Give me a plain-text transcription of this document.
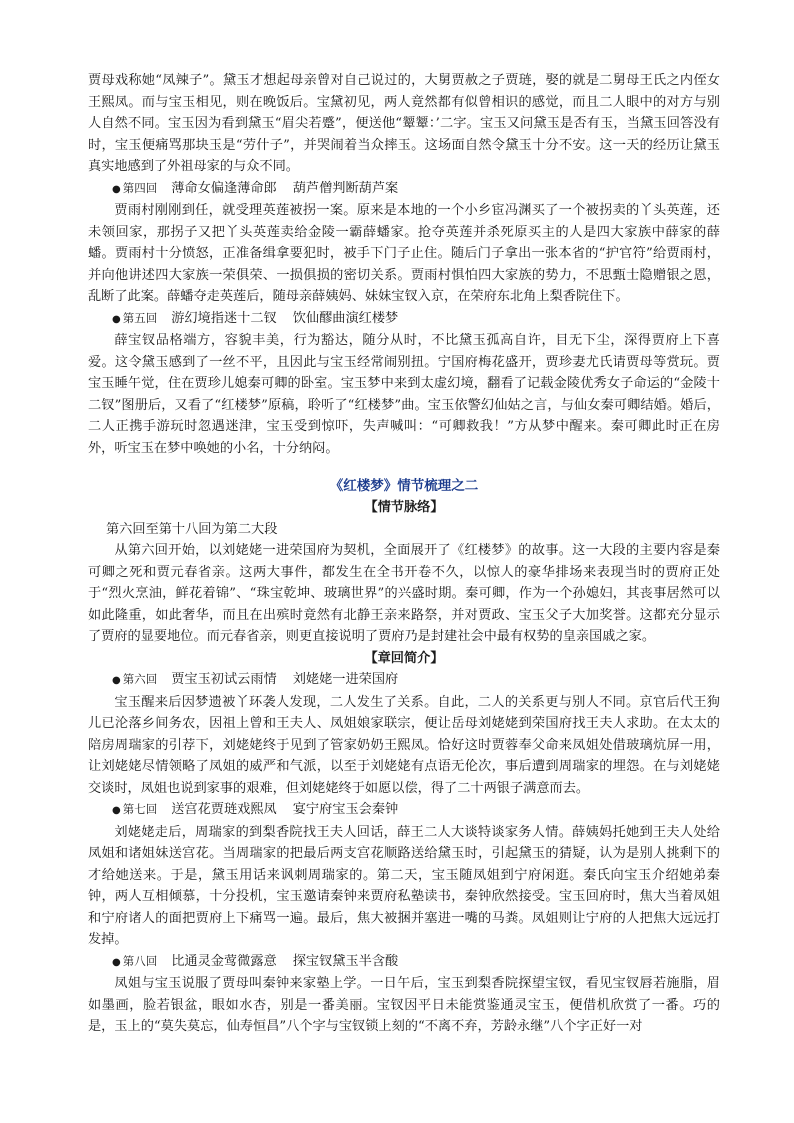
贾母戏称她“凤辣子”。黛玉才想起母亲曾对自己说过的，大舅贾赦之子贾琏，娶的就是二舅母王氏之内侄女王熙凤。而与宝玉相见，则在晚饭后。宝黛初见，两人竟然都有似曾相识的感觉，而且二人眼中的对方与别人自然不同。宝玉因为看到黛玉“眉尖若蹙”，便送他“颦颦：’二字。宝玉又问黛玉是否有玉，当黛玉回答没有时，宝玉便痛骂那块玉是“劳什子”，并哭闹着当众摔玉。这场面自然令黛玉十分不安。这一天的经历让黛玉真实地感到了外祖母家的与众不同。

● 第四回 薄命女偏逢薄命郎 葫芦僧判断葫芦案

贾雨村刚刚到任，就受理英莲被拐一案。原来是本地的一个小乡宦冯渊买了一个被拐卖的丫头英莲，还未领回家，那拐子又把丫头英莲卖给金陵一霸薛蟠家。抢夺英莲并杀死原买主的人是四大家族中薛家的薛蟠。贾雨村十分愤怒，正准备缉拿要犯时，被手下门子止住。随后门子拿出一张本省的“护官符”给贾雨村，并向他讲述四大家族一荣俱荣、一损俱损的密切关系。贾雨村惧怕四大家族的势力，不思甄士隐赠银之恩，乱断了此案。薛蟠夺走英莲后，随母亲薛姨妈、妹妹宝钗入京，在荣府东北角上梨香院住下。

● 第五回 游幻境指迷十二钗 饮仙醪曲演红楼梦

薛宝钗品格端方，容貌丰美，行为豁达，随分从时，不比黛玉孤高自许，目无下尘，深得贾府上下喜爱。这令黛玉感到了一丝不平，且因此与宝玉经常闹别扭。宁国府梅花盛开，贾珍妻尤氏请贾母等赏玩。贾宝玉睡午觉，住在贾珍儿媳秦可卿的卧室。宝玉梦中来到太虚幻境，翻看了记载金陵优秀女子命运的“金陵十二钗”图册后，又看了“红楼梦”原稿，聆听了“红楼梦”曲。宝玉依警幻仙姑之言，与仙女秦可卿结婚。婚后，二人正携手游玩时忽遇迷津，宝玉受到惊吓，失声喊叫：“可卿救我！”方从梦中醒来。秦可卿此时正在房外，听宝玉在梦中唤她的小名，十分纳闷。

《红楼梦》情节梳理之二
【情节脉络】
第六回至第十八回为第二大段

从第六回开始，以刘姥姥一进荣国府为契机，全面展开了《红楼梦》的故事。这一大段的主要内容是秦可卿之死和贾元春省亲。这两大事件，都发生在全书开卷不久，以惊人的豪华排场来表现当时的贾府正处于“烈火烹油，鲜花着锦”、“珠宝乾坤、玻璃世界”的兴盛时期。秦可卿，作为一个孙媳妇，其丧事居然可以如此隆重，如此奢华，而且在出殡时竟然有北静王亲来路祭，并对贾政、宝玉父子大加奖誉。这都充分显示了贾府的显要地位。而元春省亲，则更直接说明了贾府乃是封建社会中最有权势的皇亲国戚之家。

【章回简介】
● 第六回 贾宝玉初试云雨情 刘姥姥一进荣国府

宝玉醒来后因梦遗被丫环袭人发现，二人发生了关系。自此，二人的关系更与别人不同。京官后代王狗儿已沦落乡间务农，因祖上曾和王夫人、凤姐娘家联宗，便让岳母刘姥姥到荣国府找王夫人求助。在太太的陪房周瑞家的引荐下，刘姥姥终于见到了管家奶奶王熙凤。恰好这时贾蓉奉父命来凤姐处借玻璃炕屏一用，让刘姥姥尽情领略了凤姐的威严和气派，以至于刘姥姥有点语无伦次，事后遭到周瑞家的埋怨。在与刘姥姥交谈时，凤姐也说到家事的艰难，但刘姥姥终于如愿以偿，得了二十两银子满意而去。

● 第七回 送宫花贾琏戏熙凤 宴宁府宝玉会秦钟

刘姥姥走后，周瑞家的到梨香院找王夫人回话，薛王二人大谈特谈家务人情。薛姨妈托她到王夫人处给凤姐和诸姐妹送宫花。当周瑞家的把最后两支宫花顺路送给黛玉时，引起黛玉的猜疑，认为是别人挑剩下的才给她送来。于是，黛玉用话来讽刺周瑞家的。第二天，宝玉随凤姐到宁府闲逛。秦氏向宝玉介绍她弟秦钟，两人互相倾慕，十分投机，宝玉邀请秦钟来贾府私塾读书，秦钟欣然接受。宝玉回府时，焦大当着凤姐和宁府诸人的面把贾府上下痛骂一遍。最后，焦大被捆并塞进一嘴的马粪。凤姐则让宁府的人把焦大远远打发掉。

● 第八回 比通灵金莺微露意 探宝钗黛玉半含酸

凤姐与宝玉说服了贾母叫秦钟来家塾上学。一日午后，宝玉到梨香院探望宝钗，看见宝钗唇若施脂，眉如墨画，脸若银盆，眼如水杏，别是一番美丽。宝钗因平日未能赏鉴通灵宝玉，便借机欣赏了一番。巧的是，玉上的“莫失莫忘，仙寿恒昌”八个字与宝钗锁上刻的“不离不弃，芳龄永继”八个字正好一对
